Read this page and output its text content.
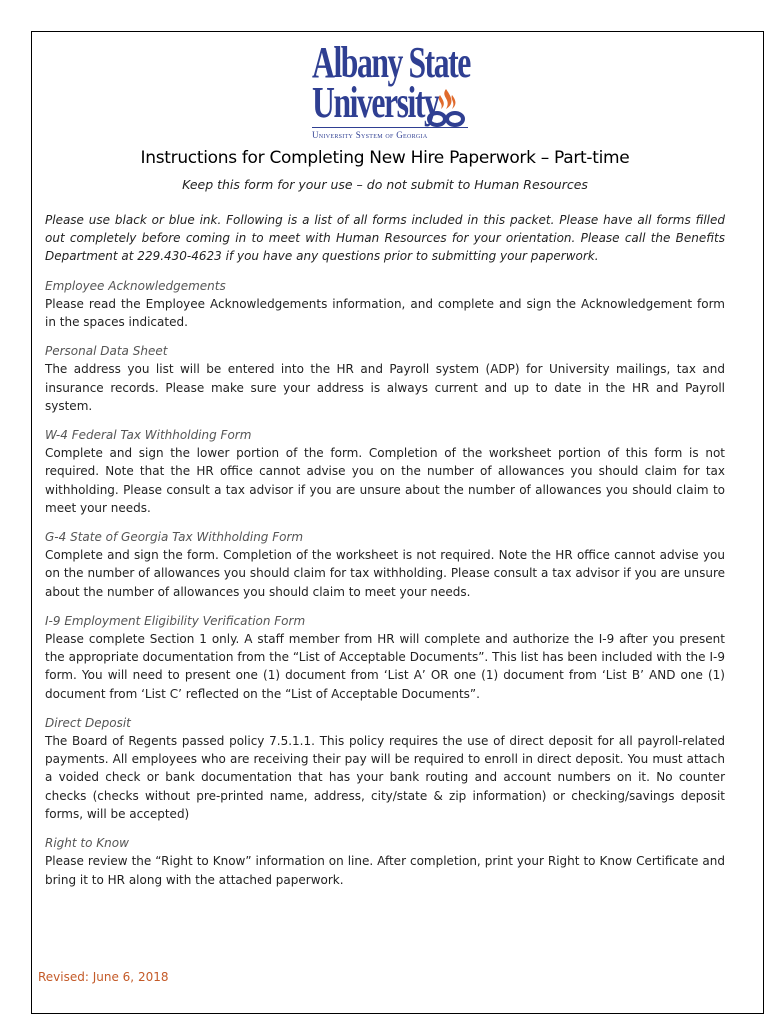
Albany State
University
University System of Georgia
Instructions for Completing New Hire Paperwork – Part-time
Keep this form for your use – do not submit to Human Resources

Please use black or blue ink. Following is a list of all forms included in this packet. Please have all forms filled out completely before coming in to meet with Human Resources for your orientation. Please call the Benefits Department at 229.430-4623 if you have any questions prior to submitting your paperwork.

Employee Acknowledgements

Please read the Employee Acknowledgements information, and complete and sign the Acknowledgement form in the spaces indicated.

Personal Data Sheet

The address you list will be entered into the HR and Payroll system (ADP) for University mailings, tax and insurance records. Please make sure your address is always current and up to date in the HR and Payroll system.

W-4 Federal Tax Withholding Form

Complete and sign the lower portion of the form. Completion of the worksheet portion of this form is not required. Note that the HR office cannot advise you on the number of allowances you should claim for tax withholding. Please consult a tax advisor if you are unsure about the number of allowances you should claim to meet your needs.

G-4 State of Georgia Tax Withholding Form

Complete and sign the form. Completion of the worksheet is not required. Note the HR office cannot advise you on the number of allowances you should claim for tax withholding. Please consult a tax advisor if you are unsure about the number of allowances you should claim to meet your needs.

I-9 Employment Eligibility Verification Form

Please complete Section 1 only. A staff member from HR will complete and authorize the I-9 after you present the appropriate documentation from the “List of Acceptable Documents”. This list has been included with the I-9 form. You will need to present one (1) document from ‘List A’ OR one (1) document from ‘List B’ AND one (1) document from ‘List C’ reflected on the “List of Acceptable Documents”.

Direct Deposit

The Board of Regents passed policy 7.5.1.1. This policy requires the use of direct deposit for all payroll-related payments. All employees who are receiving their pay will be required to enroll in direct deposit. You must attach a voided check or bank documentation that has your bank routing and account numbers on it. No counter checks (checks without pre-printed name, address, city/state & zip information) or checking/savings deposit forms, will be accepted)

Right to Know

Please review the “Right to Know” information on line. After completion, print your Right to Know Certificate and bring it to HR along with the attached paperwork.

Revised: June 6, 2018
